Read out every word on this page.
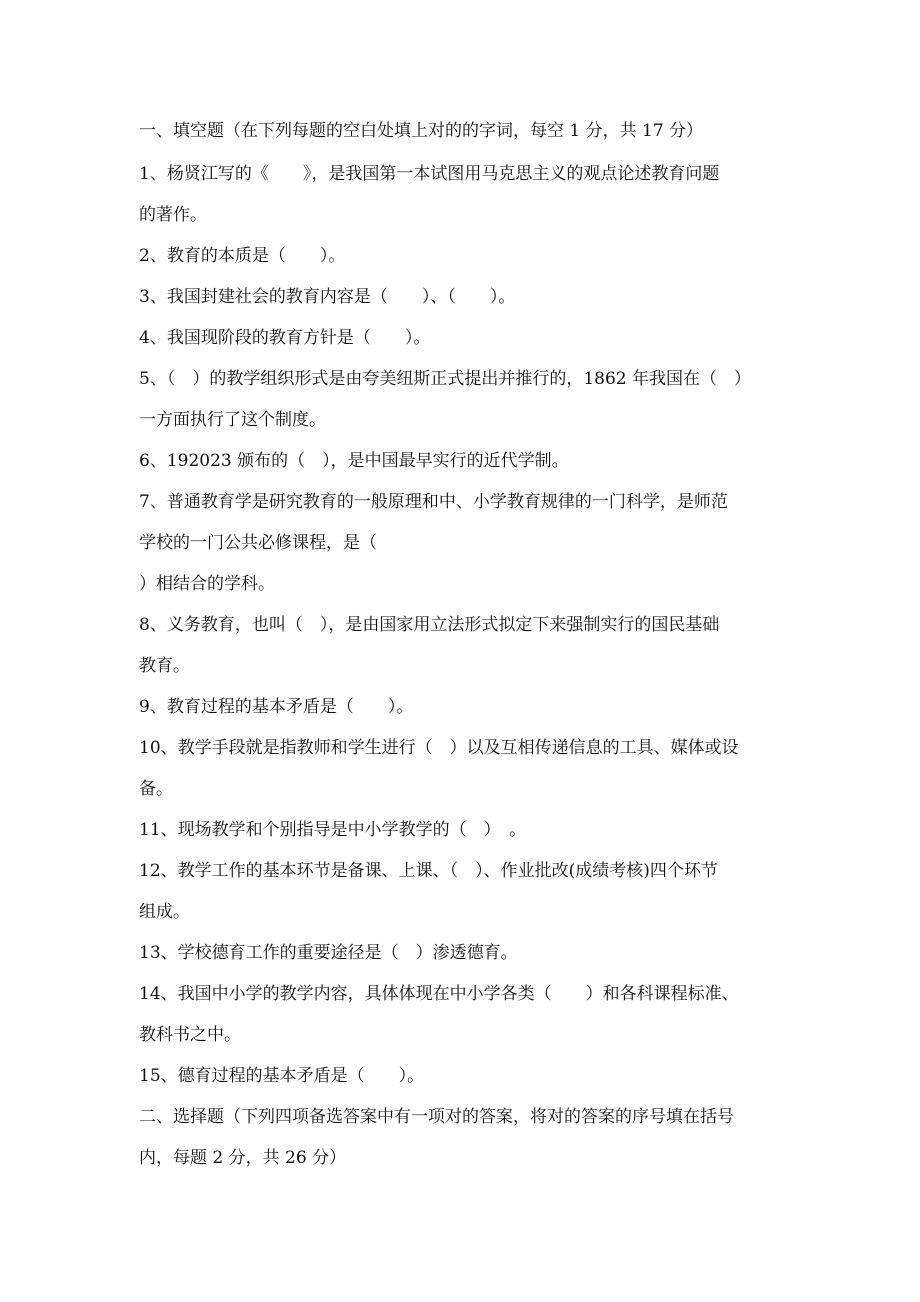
一、填空题（在下列每题的空白处填上对的的字词，每空 1 分，共 17 分）
1、杨贤江写的《　　》，是我国第一本试图用马克思主义的观点论述教育问题
的著作。
2、教育的本质是（　　）。
3、我国封建社会的教育内容是（　　）、（　　）。
4、我国现阶段的教育方针是（　　）。
5、（　）的教学组织形式是由夸美纽斯正式提出并推行的，1862 年我国在（　）
一方面执行了这个制度。
6、192023 颁布的（　），是中国最早实行的近代学制。
7、普通教育学是研究教育的一般原理和中、小学教育规律的一门科学，是师范
学校的一门公共必修课程，是（
）相结合的学科。
8、义务教育，也叫（　），是由国家用立法形式拟定下来强制实行的国民基础
教育。
9、教育过程的基本矛盾是（　　）。
10、教学手段就是指教师和学生进行（　）以及互相传递信息的工具、媒体或设
备。
11、现场教学和个别指导是中小学教学的（　）　。
12、教学工作的基本环节是备课、上课、（　）、作业批改(成绩考核)四个环节
组成。
13、学校德育工作的重要途径是（　）渗透德育。
14、我国中小学的教学内容，具体体现在中小学各类（　　）和各科课程标准、
教科书之中。
15、德育过程的基本矛盾是（　　）。
二、选择题（下列四项备选答案中有一项对的答案，将对的答案的序号填在括号
内，每题 2 分，共 26 分）
